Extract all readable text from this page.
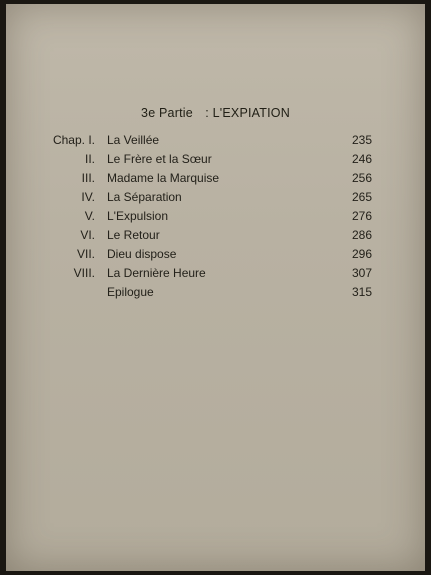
3e Partie : L'EXPIATION
Chap. I. La Veillée	235
II. Le Frère et la Sœur	246
III. Madame la Marquise	256
IV. La Séparation	265
V. L'Expulsion	276
VI. Le Retour	286
VII. Dieu dispose	296
VIII. La Dernière Heure	307
Epilogue	315
